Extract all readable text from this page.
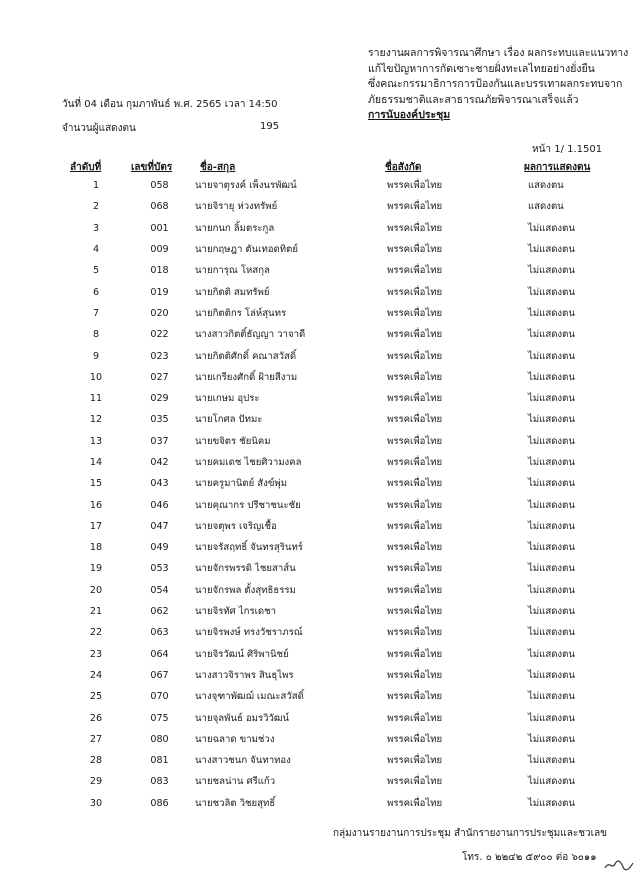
รายงานผลการพิจารณาศึกษา เรื่อง ผลกระทบและแนวทาง
แก้ไขปัญหาการกัดเซาะชายฝั่งทะเลไทยอย่างยั่งยืน
ซึ่งคณะกรรมาธิการการป้องกันและบรรเทาผลกระทบจาก
ภัยธรรมชาติและสาธารณภัยพิจารณาเสร็จแล้ว
การนับองค์ประชุม
วันที่ 04 เดือน กุมภาพันธ์ พ.ศ. 2565 เวลา 14:50
จำนวนผู้แสดงตน	195
หน้า 1/ 1.1501
ลำดับที่	เลขที่บัตร	ชื่อ-สกุล	ชื่อสังกัด	ผลการแสดงตน
1	058	นายจาตุรงค์ เพ็งนรพัฒน์	พรรคเพื่อไทย	แสดงตน
2	068	นายจิรายุ ห่วงทรัพย์	พรรคเพื่อไทย	แสดงตน
3	001	นายกนก ลิ้มตระกูล	พรรคเพื่อไทย	ไม่แสดงตน
4	009	นายกฤษฎา ตันเทอดทิตย์	พรรคเพื่อไทย	ไม่แสดงตน
5	018	นายการุณ โหสกุล	พรรคเพื่อไทย	ไม่แสดงตน
6	019	นายกิตติ สมทรัพย์	พรรคเพื่อไทย	ไม่แสดงตน
7	020	นายกิตติกร โล่ห์สุนทร	พรรคเพื่อไทย	ไม่แสดงตน
8	022	นางสาวกิตติ์ธัญญา วาจาดี	พรรคเพื่อไทย	ไม่แสดงตน
9	023	นายกิตติศักดิ์ คณาสวัสดิ์	พรรคเพื่อไทย	ไม่แสดงตน
10	027	นายเกรียงศักดิ์ ฝ้ายสีงาม	พรรคเพื่อไทย	ไม่แสดงตน
11	029	นายเกษม อุประ	พรรคเพื่อไทย	ไม่แสดงตน
12	035	นายโกศล ปัทมะ	พรรคเพื่อไทย	ไม่แสดงตน
13	037	นายขจิตร ชัยนิคม	พรรคเพื่อไทย	ไม่แสดงตน
14	042	นายคมเดช ไชยศิวามงคล	พรรคเพื่อไทย	ไม่แสดงตน
15	043	นายครูมานิตย์ สังข์พุ่ม	พรรคเพื่อไทย	ไม่แสดงตน
16	046	นายคุณากร ปรีชาชนะชัย	พรรคเพื่อไทย	ไม่แสดงตน
17	047	นายจตุพร เจริญเชื้อ	พรรคเพื่อไทย	ไม่แสดงตน
18	049	นายจรัสฤทธิ์ จันทรสุรินทร์	พรรคเพื่อไทย	ไม่แสดงตน
19	053	นายจักรพรรดิ ไชยสาส์น	พรรคเพื่อไทย	ไม่แสดงตน
20	054	นายจักรพล ตั้งสุทธิธรรม	พรรคเพื่อไทย	ไม่แสดงตน
21	062	นายจิรทัศ ไกรเดชา	พรรคเพื่อไทย	ไม่แสดงตน
22	063	นายจิรพงษ์ ทรงวัชราภรณ์	พรรคเพื่อไทย	ไม่แสดงตน
23	064	นายจิรวัฒน์ ศิริพานิชย์	พรรคเพื่อไทย	ไม่แสดงตน
24	067	นางสาวจิราพร สินธุไพร	พรรคเพื่อไทย	ไม่แสดงตน
25	070	นางจุฑาพัฒฌ์ เมณะสวัสดิ์	พรรคเพื่อไทย	ไม่แสดงตน
26	075	นายจุลพันธ์ อมรวิวัฒน์	พรรคเพื่อไทย	ไม่แสดงตน
27	080	นายฉลาด ขามช่วง	พรรคเพื่อไทย	ไม่แสดงตน
28	081	นางสาวชนก จันทาทอง	พรรคเพื่อไทย	ไม่แสดงตน
29	083	นายชลน่าน ศรีแก้ว	พรรคเพื่อไทย	ไม่แสดงตน
30	086	นายชวลิต วิชยสุทธิ์	พรรคเพื่อไทย	ไม่แสดงตน
กลุ่มงานรายงานการประชุม สำนักรายงานการประชุมและชวเลข
โทร. ๐ ๒๒๔๒ ๕๙๐๐ ต่อ ๖๐๑๑
